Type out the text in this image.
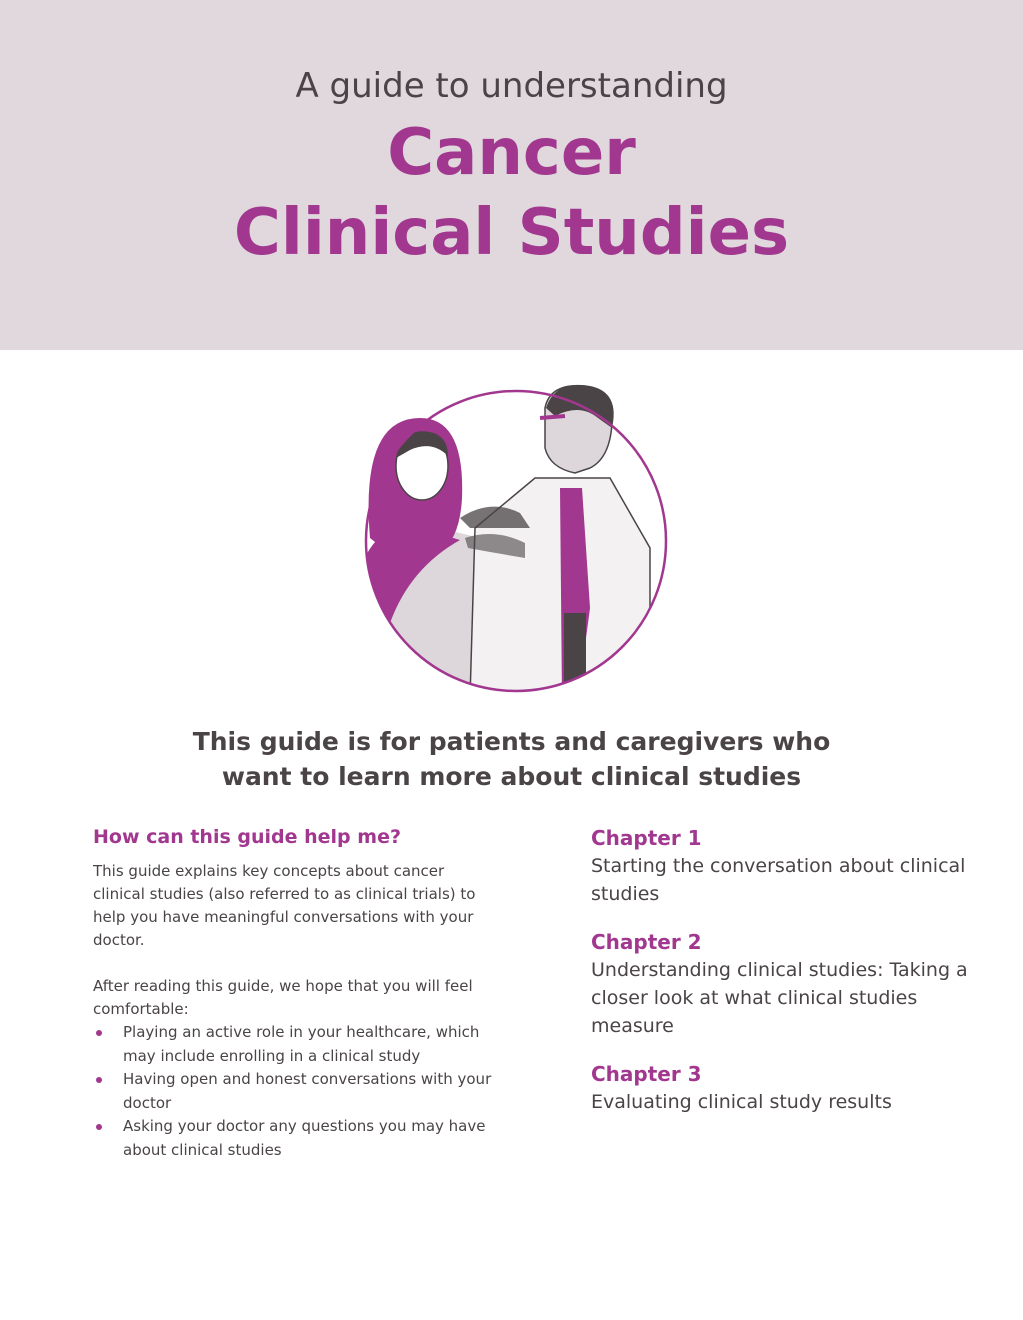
A guide to understanding
Cancer
Clinical Studies
This guide is for patients and caregivers who
want to learn more about clinical studies
How can this guide help me?

This guide explains key concepts about cancer clinical studies (also referred to as clinical trials) to help you have meaningful conversations with your doctor.

After reading this guide, we hope that you will feel comfortable:

Playing an active role in your healthcare, which may include enrolling in a clinical study
Having open and honest conversations with your doctor
Asking your doctor any questions you may have about clinical studies
Chapter 1
Starting the conversation about clinical studies
Chapter 2
Understanding clinical studies: Taking a closer look at what clinical studies measure
Chapter 3
Evaluating clinical study results
